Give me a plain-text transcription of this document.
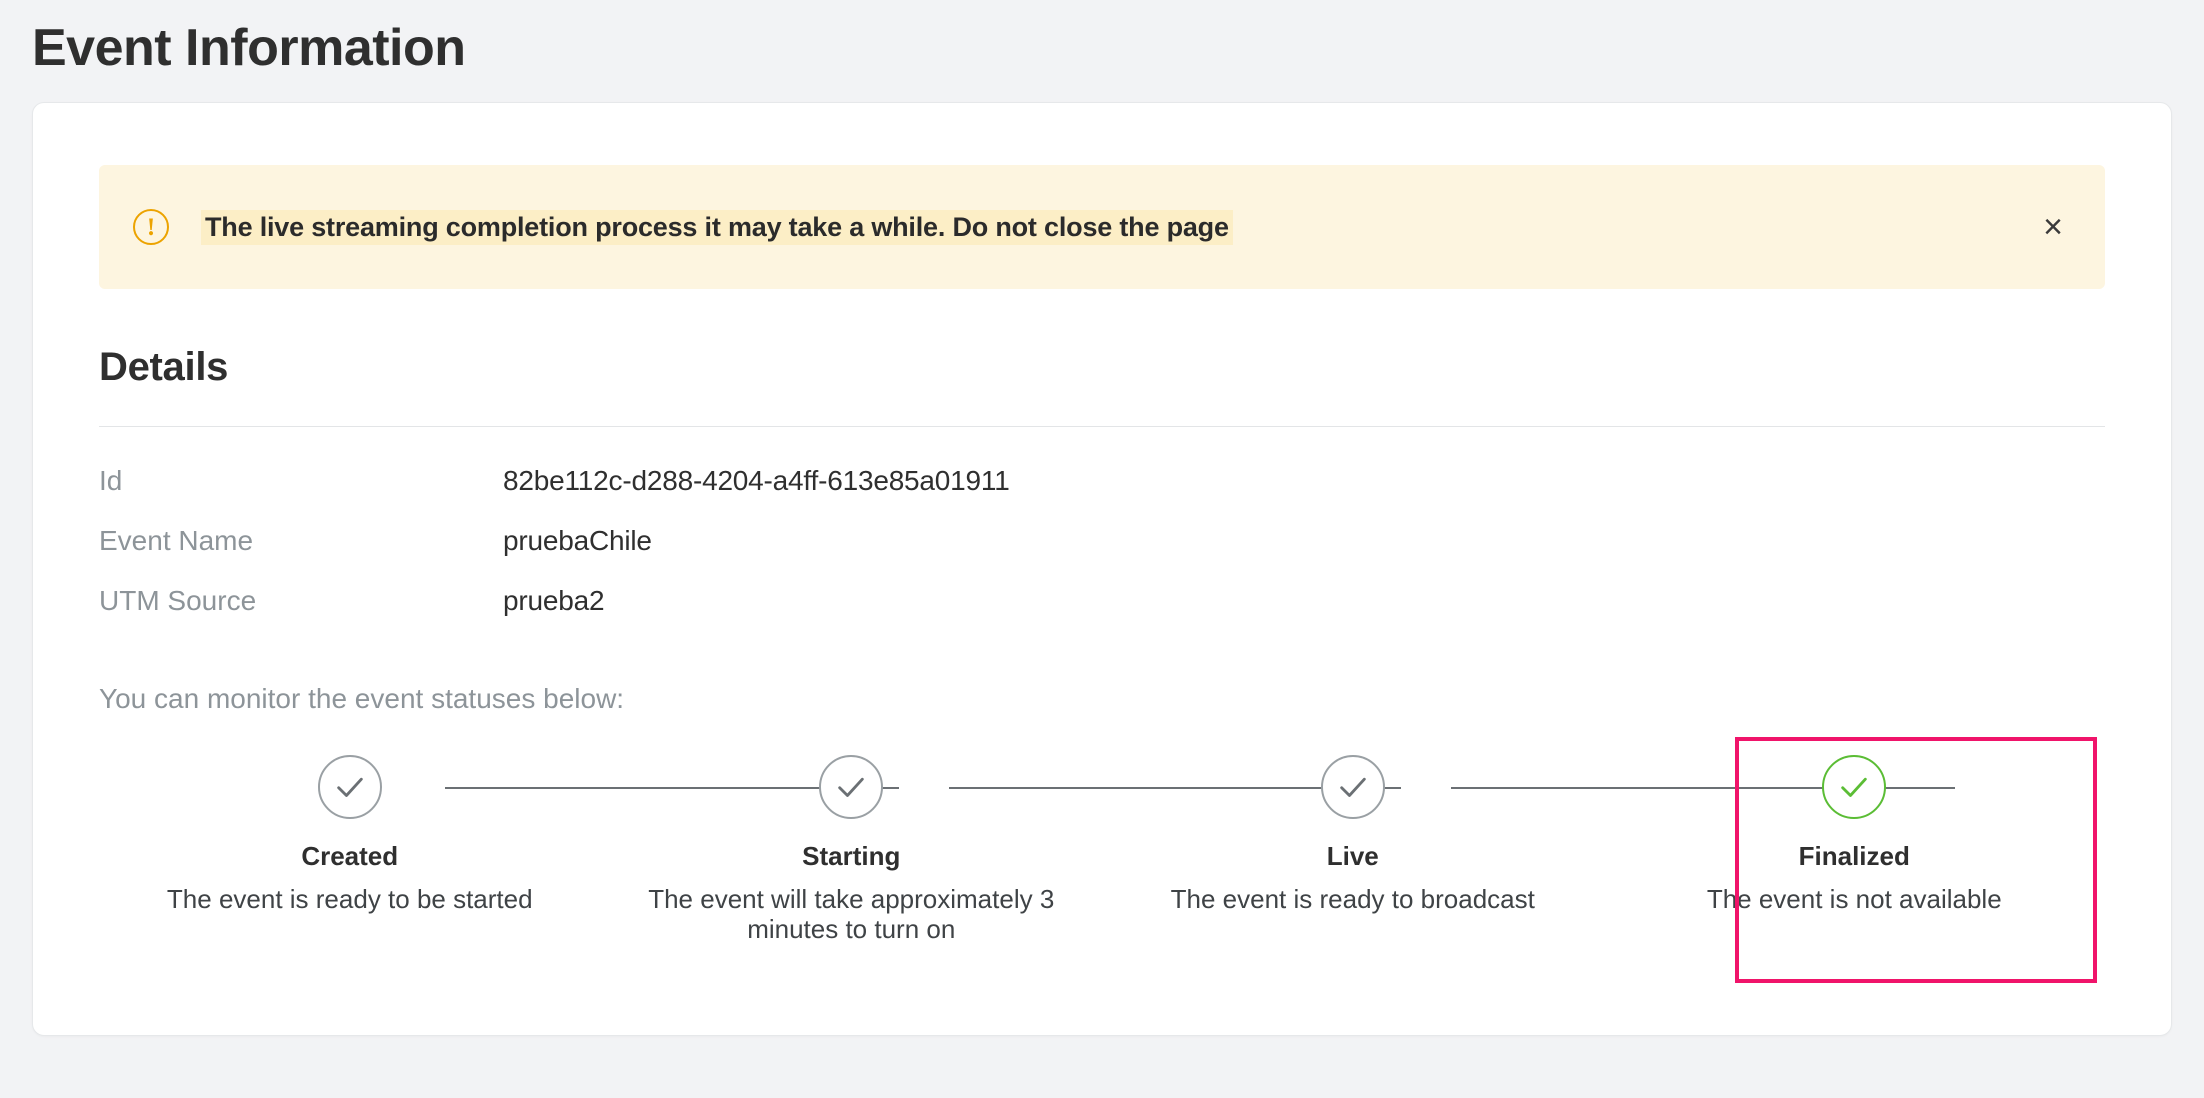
Event Information
!	The live streaming completion process it may take a while. Do not close the page	×
Details
Id	82be112c-d288-4204-a4ff-613e85a01911
Event Name	pruebaChile
UTM Source	prueba2
You can monitor the event statuses below:
Created
The event is ready to be started
Starting
The event will take approximately 3 minutes to turn on
Live
The event is ready to broadcast
Finalized
The event is not available
